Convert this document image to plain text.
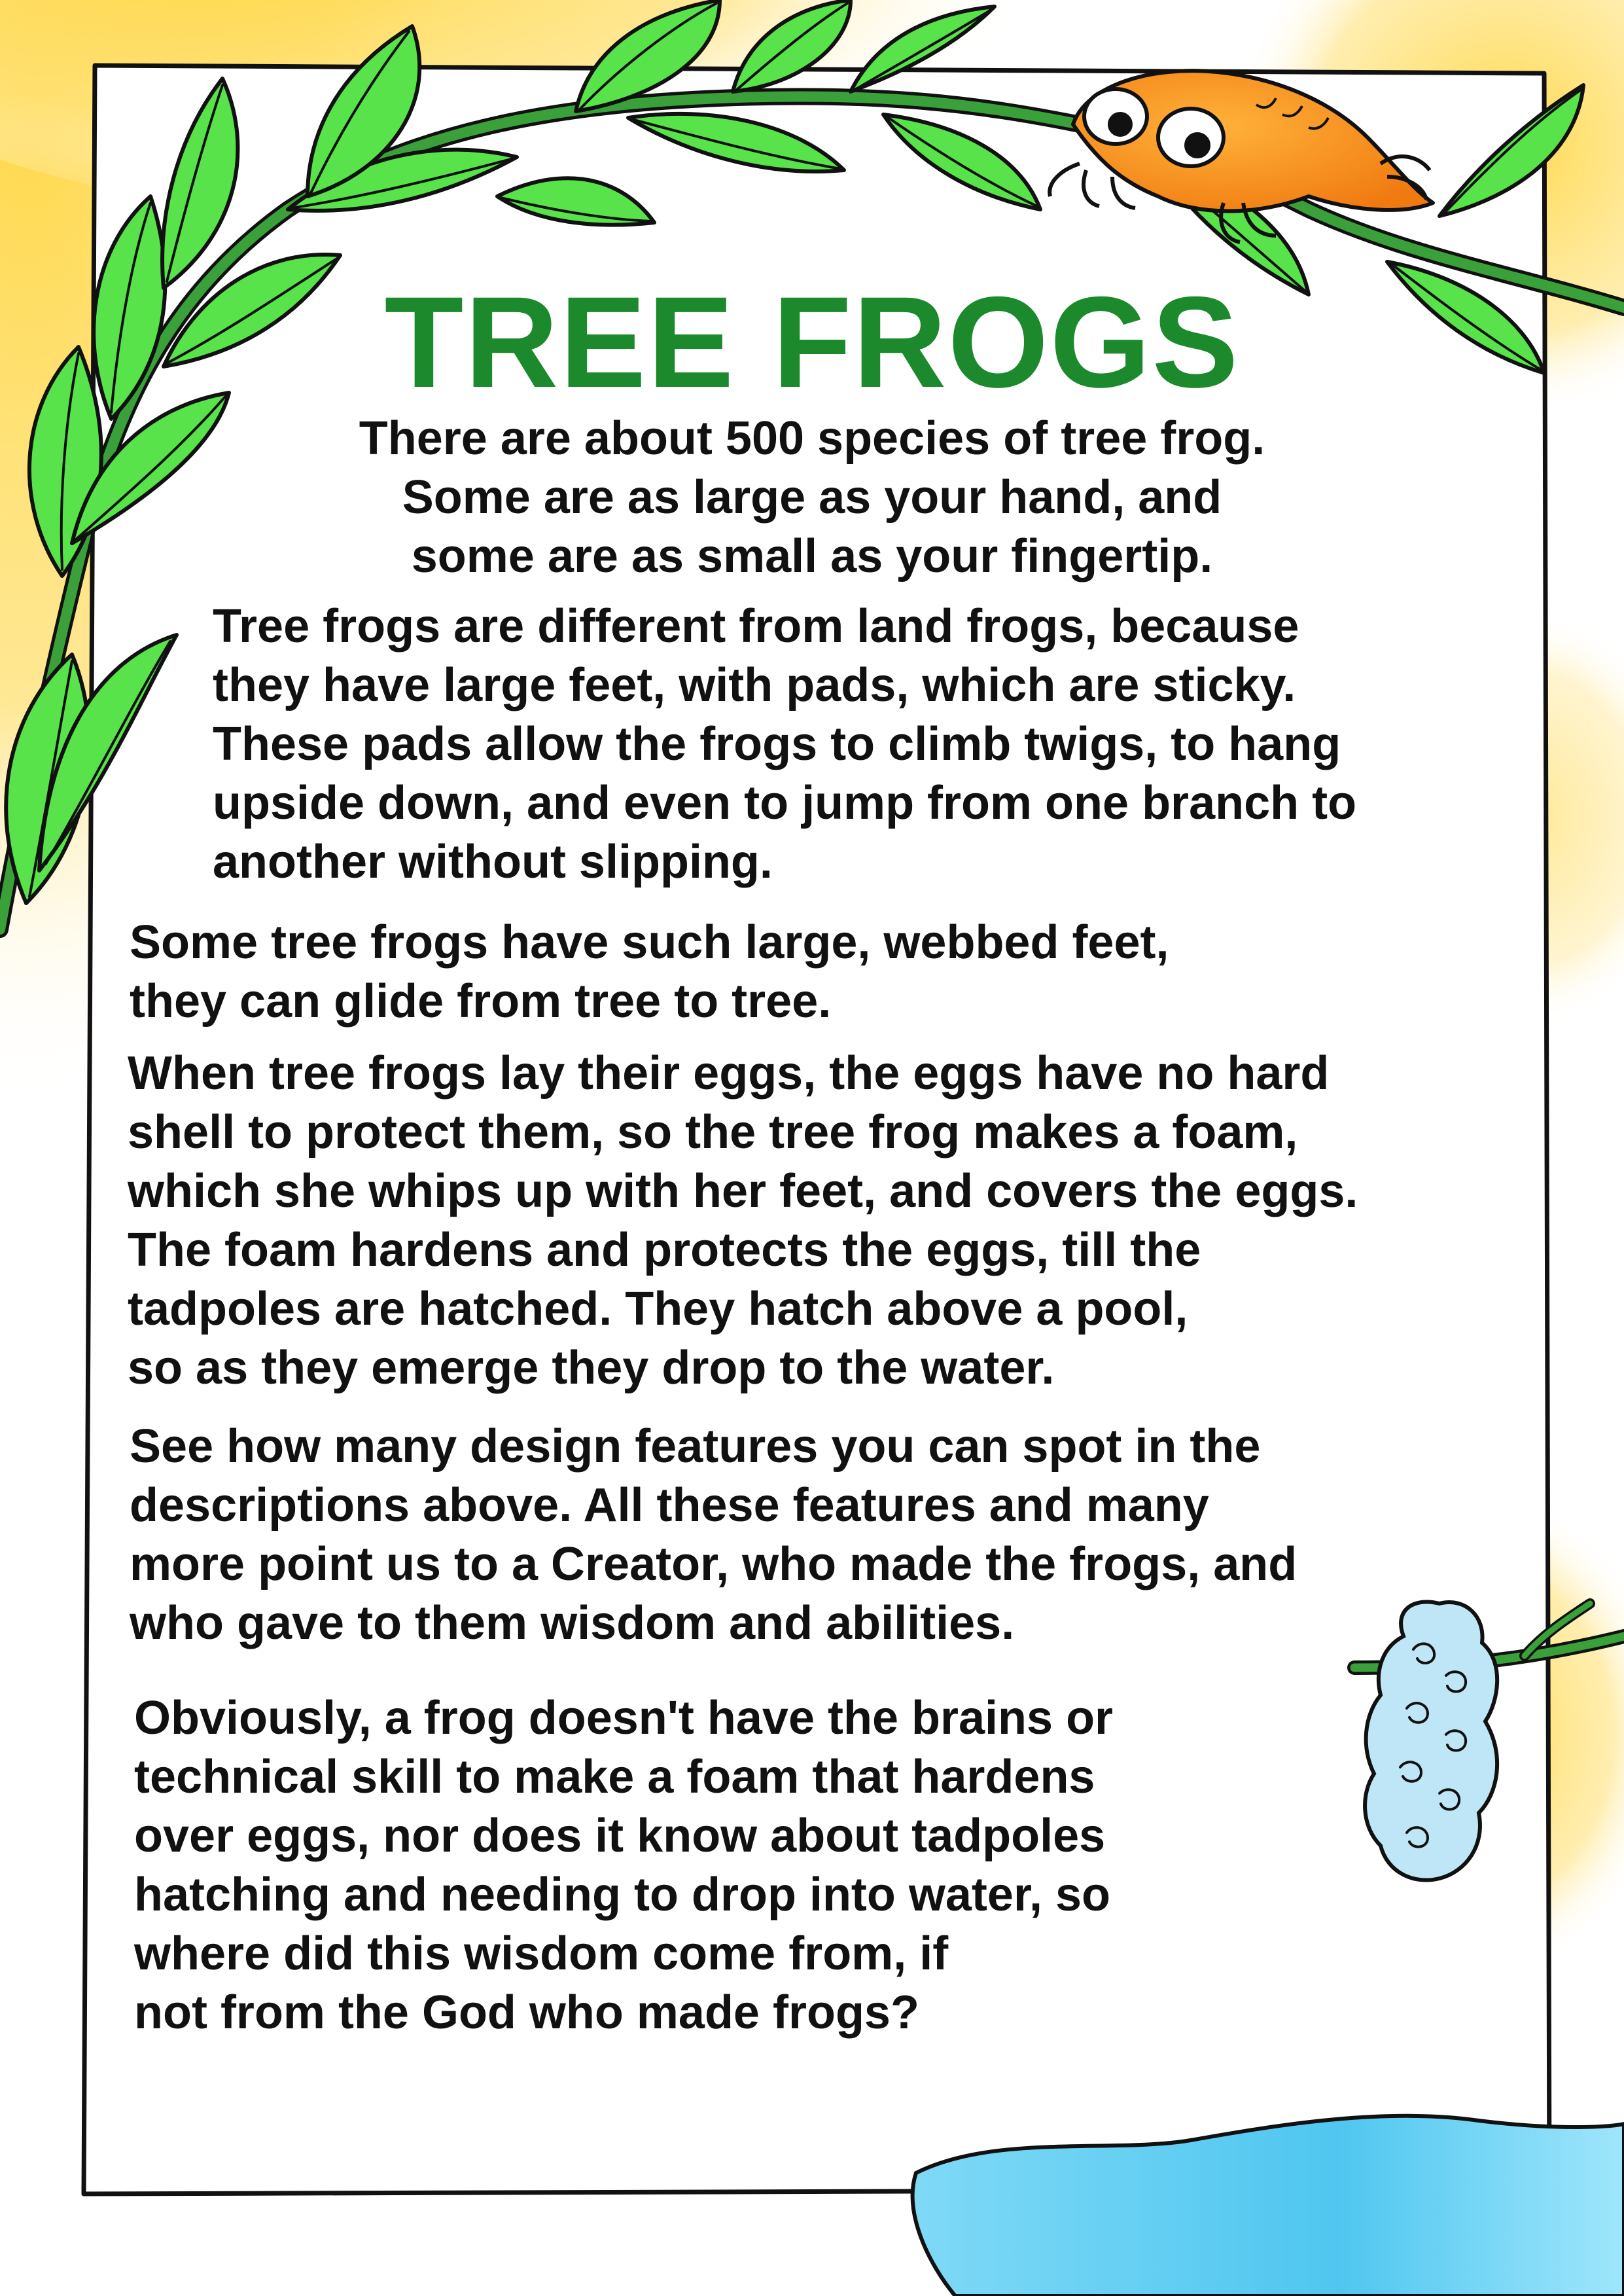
TREE FROGS

There are about 500 species of tree frog.
Some are as large as your hand, and
some are as small as your fingertip.

Tree frogs are different from land frogs, because
they have large feet, with pads, which are sticky.
These pads allow the frogs to climb twigs, to hang
upside down, and even to jump from one branch to
another without slipping.

Some tree frogs have such large, webbed feet,
they can glide from tree to tree.

When tree frogs lay their eggs, the eggs have no hard
shell to protect them, so the tree frog makes a foam,
which she whips up with her feet, and covers the eggs.
The foam hardens and protects the eggs, till the
tadpoles are hatched. They hatch above a pool,
so as they emerge they drop to the water.

See how many design features you can spot in the
descriptions above. All these features and many
more point us to a Creator, who made the frogs, and
who gave to them wisdom and abilities.

Obviously, a frog doesn't have the brains or
technical skill to make a foam that hardens
over eggs, nor does it know about tadpoles
hatching and needing to drop into water, so
where did this wisdom come from, if
not from the God who made frogs?
